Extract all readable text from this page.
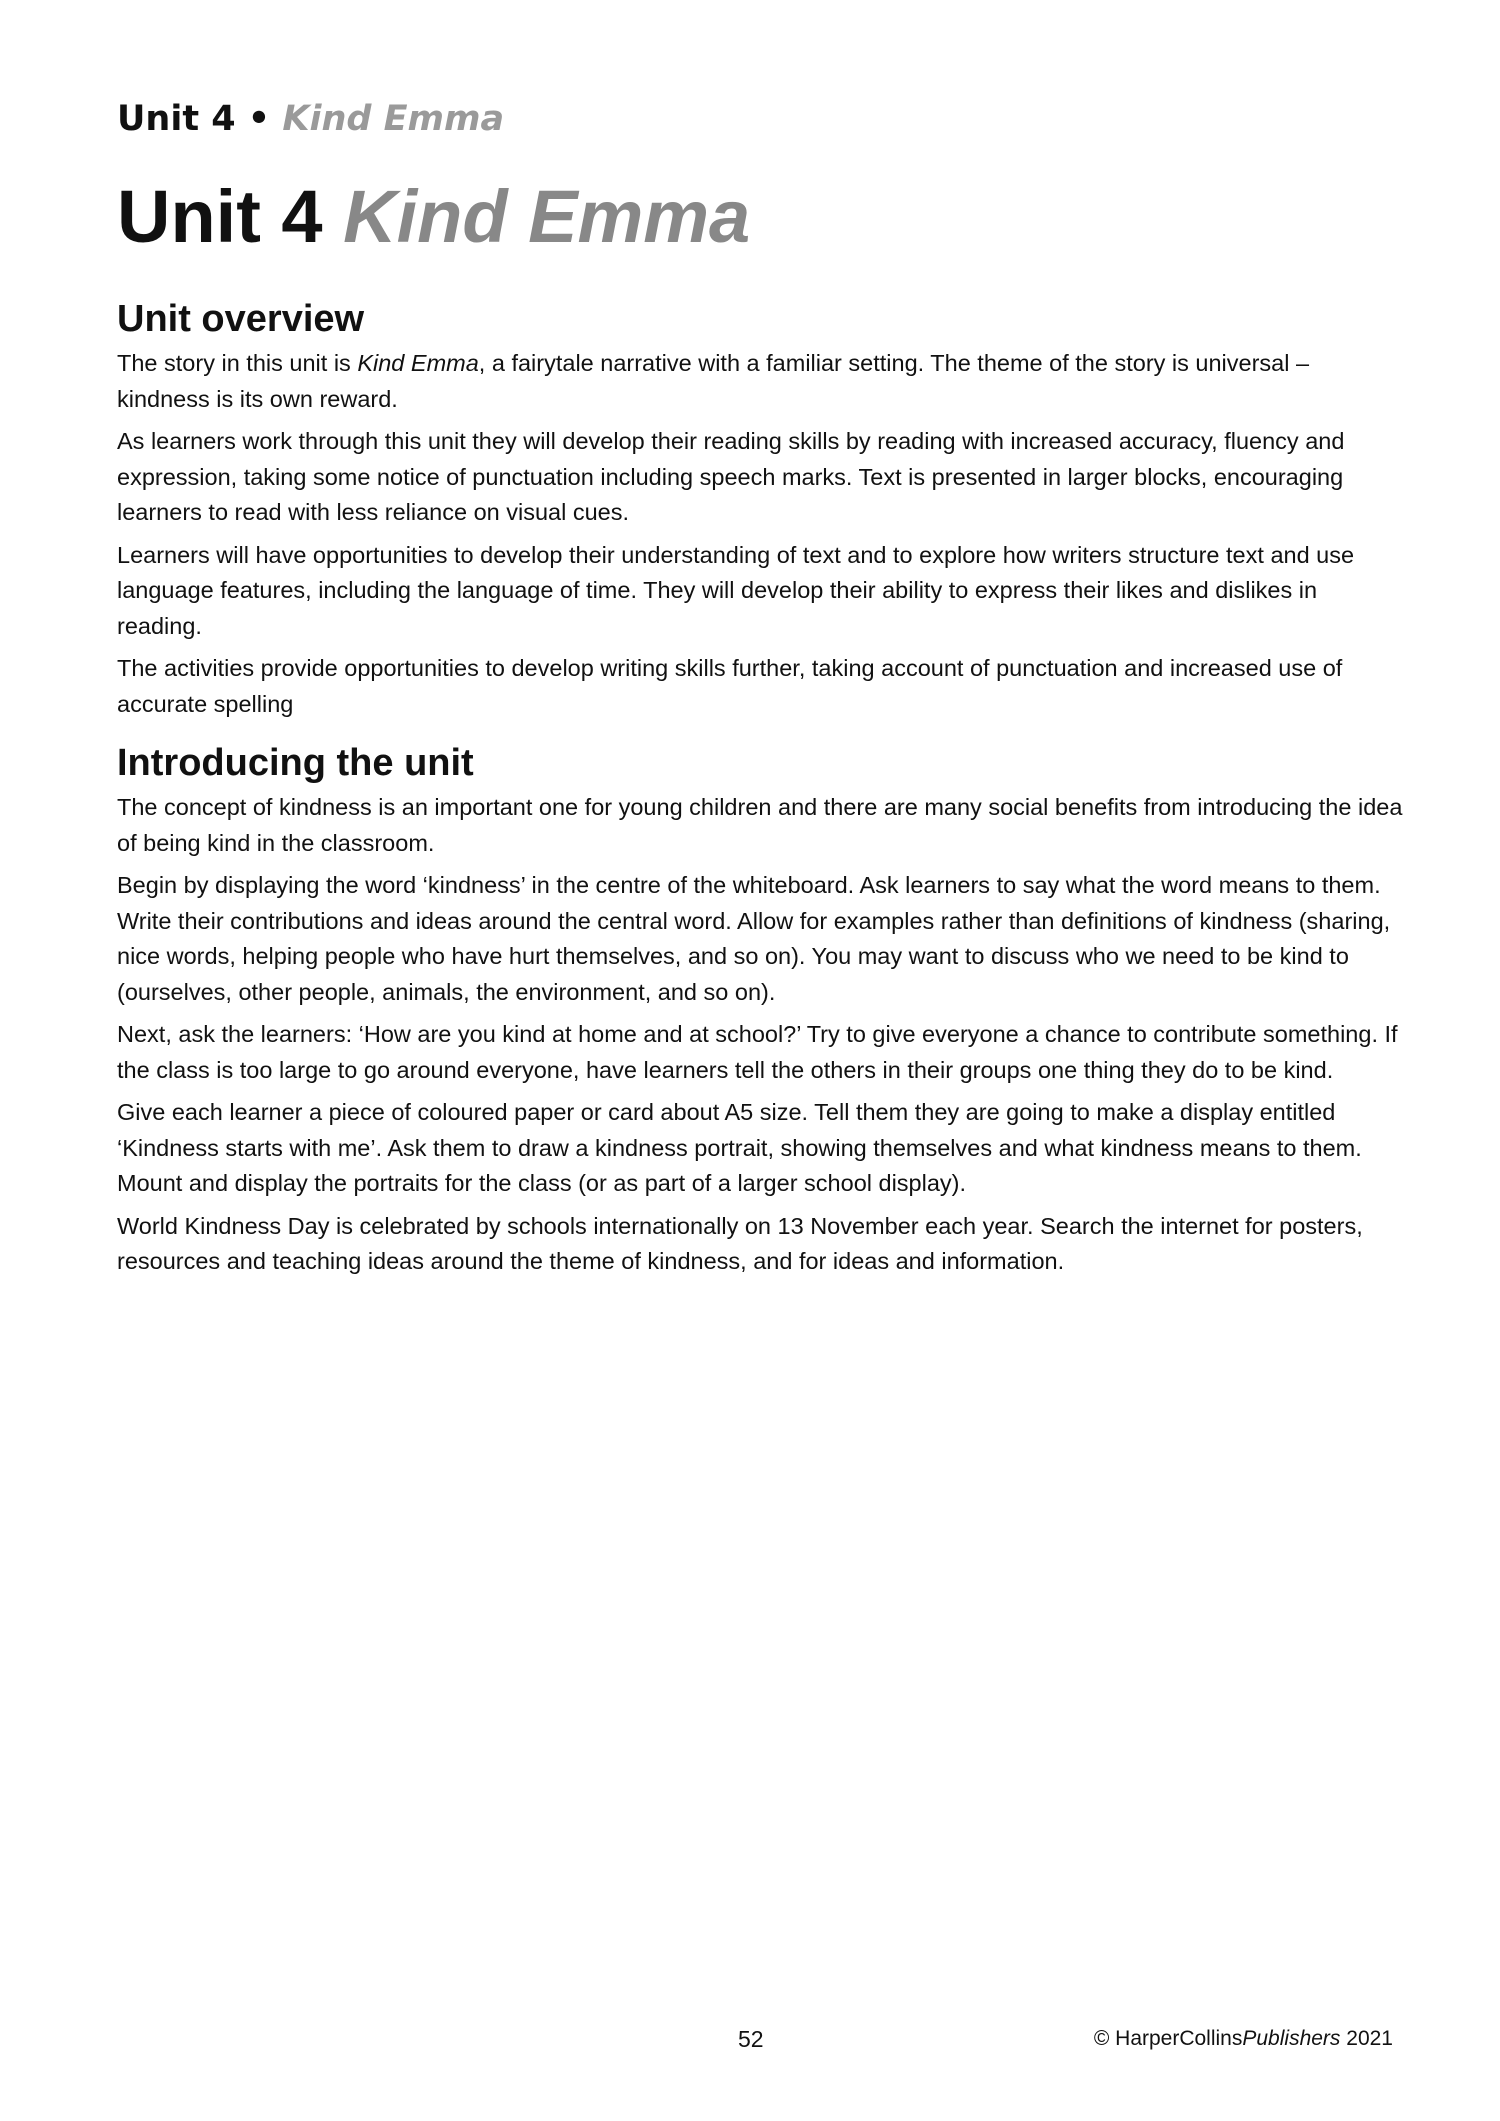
Unit 4 • Kind Emma
Unit 4 Kind Emma
Unit overview

The story in this unit is Kind Emma, a fairytale narrative with a familiar setting. The theme of the story is universal – kindness is its own reward.

As learners work through this unit they will develop their reading skills by reading with increased accuracy, fluency and expression, taking some notice of punctuation including speech marks. Text is presented in larger blocks, encouraging learners to read with less reliance on visual cues.

Learners will have opportunities to develop their understanding of text and to explore how writers structure text and use language features, including the language of time. They will develop their ability to express their likes and dislikes in reading.

The activities provide opportunities to develop writing skills further, taking account of punctuation and increased use of accurate spelling

Introducing the unit

The concept of kindness is an important one for young children and there are many social benefits from introducing the idea of being kind in the classroom.

Begin by displaying the word ‘kindness’ in the centre of the whiteboard. Ask learners to say what the word means to them. Write their contributions and ideas around the central word. Allow for examples rather than definitions of kindness (sharing, nice words, helping people who have hurt themselves, and so on). You may want to discuss who we need to be kind to (ourselves, other people, animals, the environment, and so on).

Next, ask the learners: ‘How are you kind at home and at school?’ Try to give everyone a chance to contribute something. If the class is too large to go around everyone, have learners tell the others in their groups one thing they do to be kind.

Give each learner a piece of coloured paper or card about A5 size. Tell them they are going to make a display entitled ‘Kindness starts with me’. Ask them to draw a kindness portrait, showing themselves and what kindness means to them. Mount and display the portraits for the class (or as part of a larger school display).

World Kindness Day is celebrated by schools internationally on 13 November each year. Search the internet for posters, resources and teaching ideas around the theme of kindness, and for ideas and information.

52	© HarperCollinsPublishers 2021
